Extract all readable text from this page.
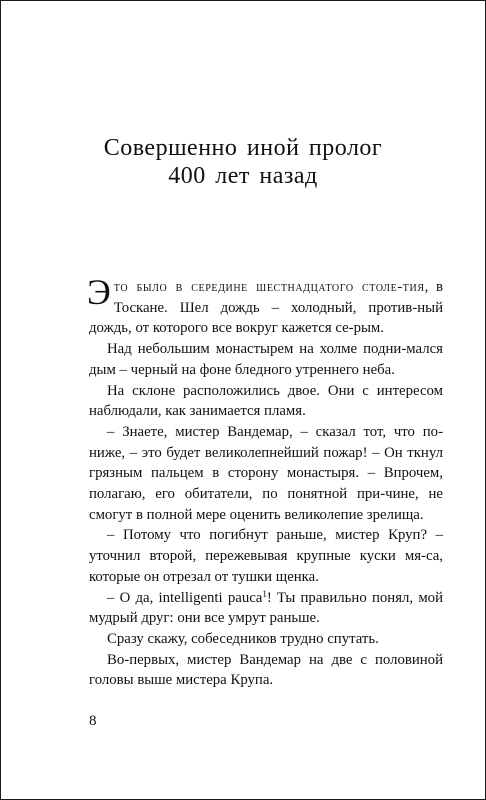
Совершенно иной пролог
400 лет назад

Это было в середине шестнадцатого столе-тия, в Тоскане. Шел дождь – холодный, против-ный дождь, от которого все вокруг кажется се-рым.

Над небольшим монастырем на холме подни-мался дым – черный на фоне бледного утреннего неба.

На склоне расположились двое. Они с интересом наблюдали, как занимается пламя.

– Знаете, мистер Вандемар, – сказал тот, что по-ниже, – это будет великолепнейший пожар! – Он ткнул грязным пальцем в сторону монастыря. – Впрочем, полагаю, его обитатели, по понятной при-чине, не смогут в полной мере оценить великолепие зрелища.

– Потому что погибнут раньше, мистер Круп? – уточнил второй, пережевывая крупные куски мя-са, которые он отрезал от тушки щенка.

– О да, intelligenti pauca$^1$! Ты правильно понял, мой мудрый друг: они все умрут раньше.

Сразу скажу, собеседников трудно спутать.

Во-первых, мистер Вандемар на две с половиной головы выше мистера Крупа.

8
